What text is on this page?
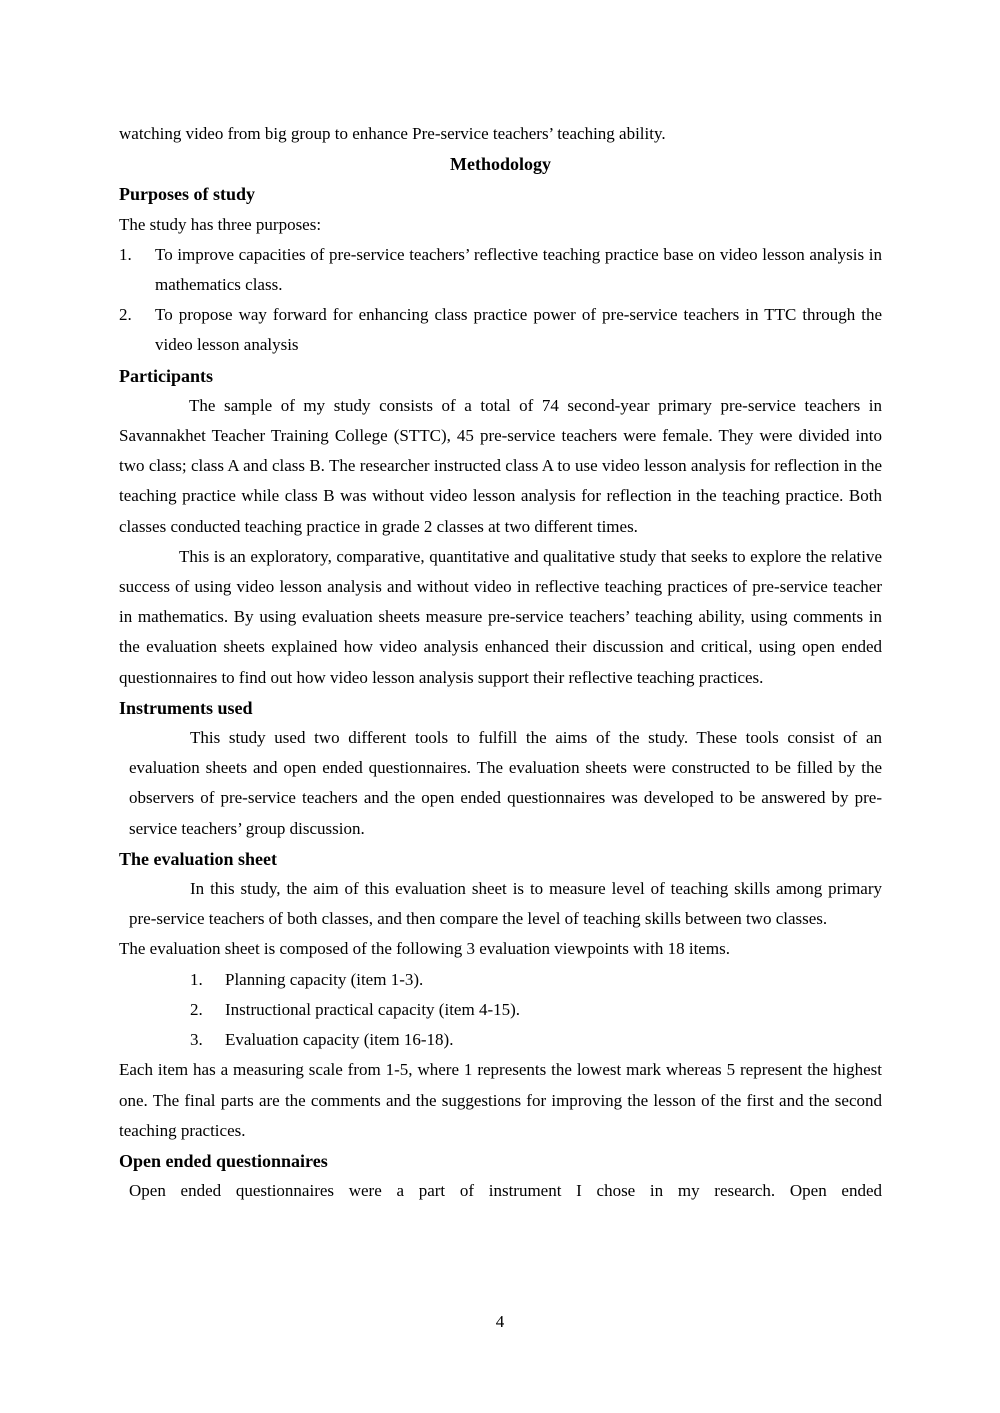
watching video from big group to enhance Pre-service teachers’ teaching ability.

Methodology

Purposes of study

The study has three purposes:

1.	To improve capacities of pre-service teachers’ reflective teaching practice base on video lesson analysis in mathematics class.
2.	To propose way forward for enhancing class practice power of pre-service teachers in TTC through the video lesson analysis

Participants

The sample of my study consists of a total of 74 second-year primary pre-service teachers in Savannakhet Teacher Training College (STTC), 45 pre-service teachers were female. They were divided into two class; class A and class B. The researcher instructed class A to use video lesson analysis for reflection in the teaching practice while class B was without video lesson analysis for reflection in the teaching practice. Both classes conducted teaching practice in grade 2 classes at two different times.

This is an exploratory, comparative, quantitative and qualitative study that seeks to explore the relative success of using video lesson analysis and without video in reflective teaching practices of pre-service teacher in mathematics. By using evaluation sheets measure pre-service teachers’ teaching ability, using comments in the evaluation sheets explained how video analysis enhanced their discussion and critical, using open ended questionnaires to find out how video lesson analysis support their reflective teaching practices.

Instruments used

This study used two different tools to fulfill the aims of the study. These tools consist of an evaluation sheets and open ended questionnaires. The evaluation sheets were constructed to be filled by the observers of pre-service teachers and the open ended questionnaires was developed to be answered by pre-service teachers’ group discussion.

The evaluation sheet

In this study, the aim of this evaluation sheet is to measure level of teaching skills among primary pre-service teachers of both classes, and then compare the level of teaching skills between two classes.

The evaluation sheet is composed of the following 3 evaluation viewpoints with 18 items.

1.	Planning capacity (item 1-3).
2.	Instructional practical capacity (item 4-15).
3.	Evaluation capacity (item 16-18).

Each item has a measuring scale from 1-5, where 1 represents the lowest mark whereas 5 represent the highest one. The final parts are the comments and the suggestions for improving the lesson of the first and the second teaching practices.

Open ended questionnaires

Open ended questionnaires were a part of instrument I chose in my research. Open ended

4
